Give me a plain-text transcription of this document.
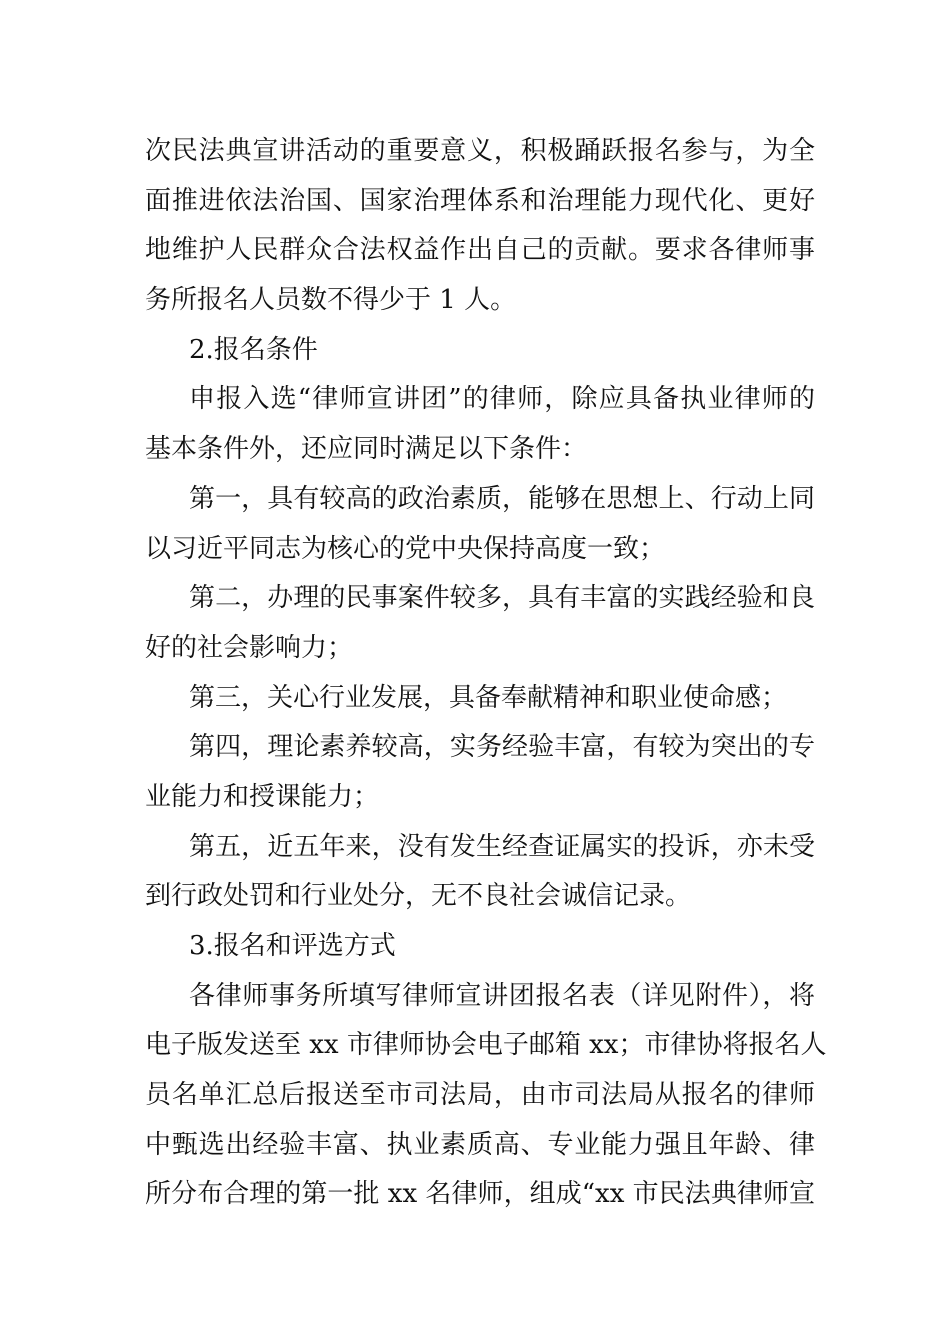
次民法典宣讲活动的重要意义，积极踊跃报名参与，为全
面推进依法治国、国家治理体系和治理能力现代化、更好
地维护人民群众合法权益作出自己的贡献。要求各律师事
务所报名人员数不得少于 1 人。
2.报名条件
申报入选“律师宣讲团”的律师，除应具备执业律师的
基本条件外，还应同时满足以下条件：
第一，具有较高的政治素质，能够在思想上、行动上同
以习近平同志为核心的党中央保持高度一致；
第二，办理的民事案件较多，具有丰富的实践经验和良
好的社会影响力；
第三，关心行业发展，具备奉献精神和职业使命感；
第四，理论素养较高，实务经验丰富，有较为突出的专
业能力和授课能力；
第五，近五年来，没有发生经查证属实的投诉，亦未受
到行政处罚和行业处分，无不良社会诚信记录。
3.报名和评选方式
各律师事务所填写律师宣讲团报名表（详见附件），将
电子版发送至 xx 市律师协会电子邮箱 xx；市律协将报名人
员名单汇总后报送至市司法局，由市司法局从报名的律师
中甄选出经验丰富、执业素质高、专业能力强且年龄、律
所分布合理的第一批 xx 名律师，组成“xx 市民法典律师宣
